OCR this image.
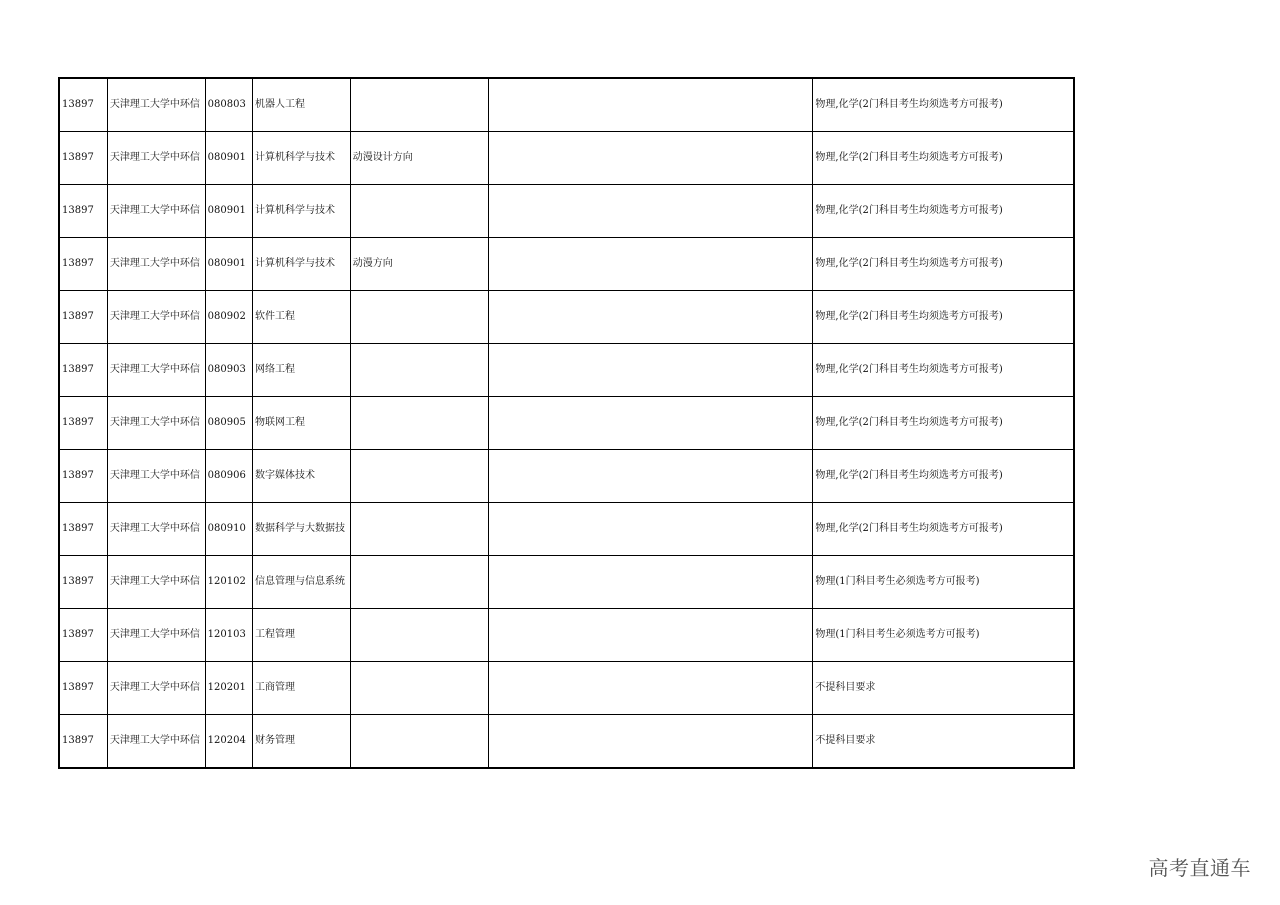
13897	天津理工大学中环信	080803	机器人工程			物理,化学(2门科目考生均须选考方可报考)
13897	天津理工大学中环信	080901	计算机科学与技术	动漫设计方向		物理,化学(2门科目考生均须选考方可报考)
13897	天津理工大学中环信	080901	计算机科学与技术			物理,化学(2门科目考生均须选考方可报考)
13897	天津理工大学中环信	080901	计算机科学与技术	动漫方向		物理,化学(2门科目考生均须选考方可报考)
13897	天津理工大学中环信	080902	软件工程			物理,化学(2门科目考生均须选考方可报考)
13897	天津理工大学中环信	080903	网络工程			物理,化学(2门科目考生均须选考方可报考)
13897	天津理工大学中环信	080905	物联网工程			物理,化学(2门科目考生均须选考方可报考)
13897	天津理工大学中环信	080906	数字媒体技术			物理,化学(2门科目考生均须选考方可报考)
13897	天津理工大学中环信	080910	数据科学与大数据技			物理,化学(2门科目考生均须选考方可报考)
13897	天津理工大学中环信	120102	信息管理与信息系统			物理(1门科目考生必须选考方可报考)
13897	天津理工大学中环信	120103	工程管理			物理(1门科目考生必须选考方可报考)
13897	天津理工大学中环信	120201	工商管理			不提科目要求
13897	天津理工大学中环信	120204	财务管理			不提科目要求
高考直通车
